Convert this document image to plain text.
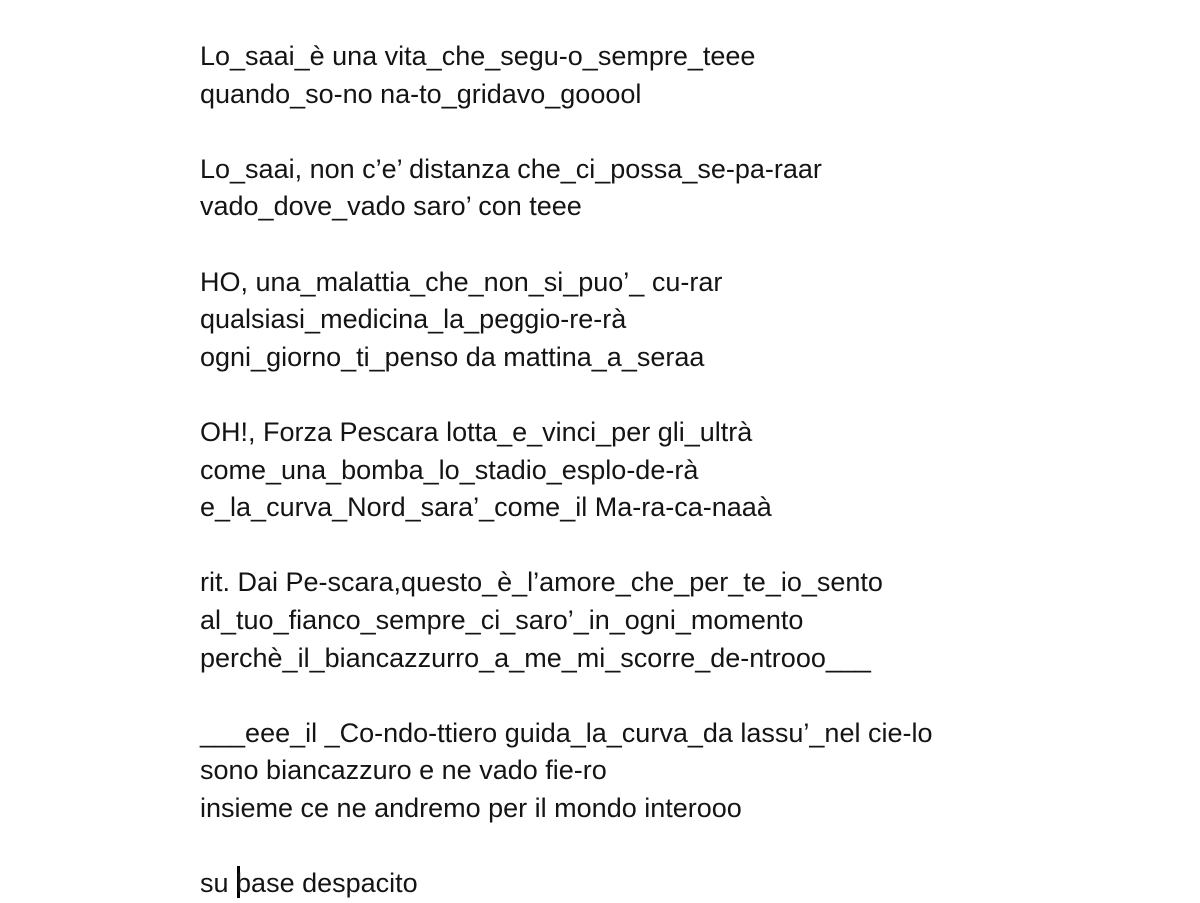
Lo_saai_è una vita_che_segu-o_sempre_teee
quando_so-no na-to_gridavo_gooool
Lo_saai, non c’e’ distanza che_ci_possa_se-pa-raar
vado_dove_vado saro’ con teee
HO, una_malattia_che_non_si_puo’_ cu-rar
qualsiasi_medicina_la_peggio-re-rà
ogni_giorno_ti_penso da mattina_a_seraa
OH!, Forza Pescara lotta_e_vinci_per gli_ultrà
come_una_bomba_lo_stadio_esplo-de-rà
e_la_curva_Nord_sara’_come_il Ma-ra-ca-naaà
rit. Dai Pe-scara,questo_è_l’amore_che_per_te_io_sento
al_tuo_fianco_sempre_ci_saro’_in_ogni_momento
perchè_il_biancazzurro_a_me_mi_scorre_de-ntrooo___
___eee_il _Co-ndo-ttiero guida_la_curva_da lassu’_nel cie-lo
sono biancazzuro e ne vado fie-ro
insieme ce ne andremo per il mondo interooo
su base despacito
